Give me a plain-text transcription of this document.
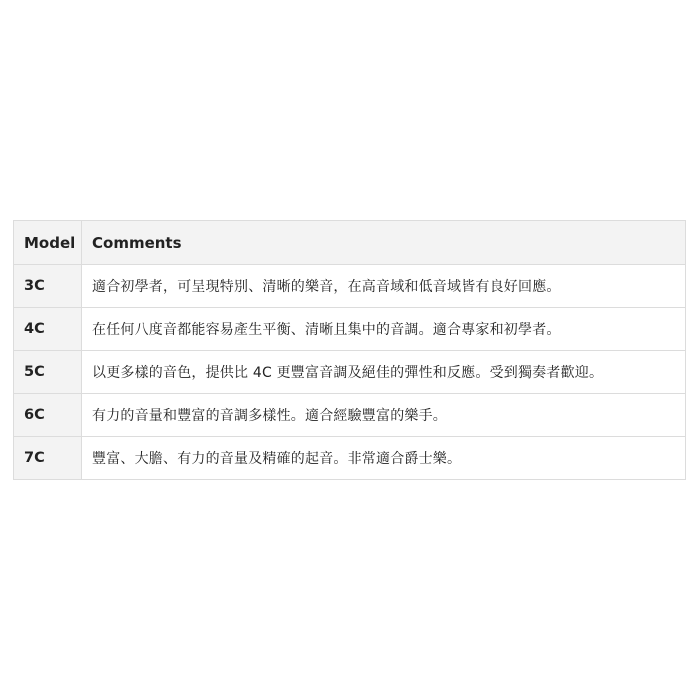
Model	Comments
3C	適合初學者，可呈現特別、清晰的樂音，在高音域和低音域皆有良好回應。
4C	在任何八度音都能容易產生平衡、清晰且集中的音調。適合專家和初學者。
5C	以更多樣的音色，提供比 4C 更豐富音調及絕佳的彈性和反應。受到獨奏者歡迎。
6C	有力的音量和豐富的音調多樣性。適合經驗豐富的樂手。
7C	豐富、大膽、有力的音量及精確的起音。非常適合爵士樂。
